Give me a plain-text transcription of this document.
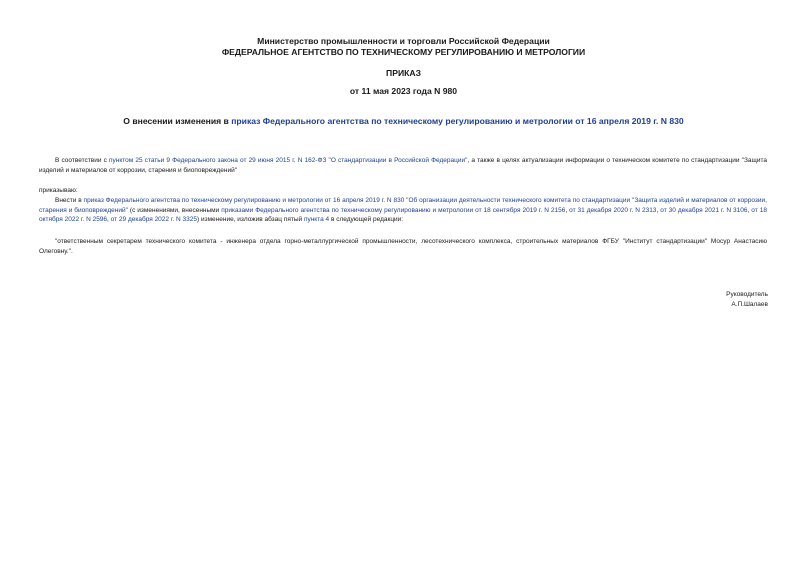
Министерство промышленности и торговли Российской Федерации
ФЕДЕРАЛЬНОЕ АГЕНТСТВО ПО ТЕХНИЧЕСКОМУ РЕГУЛИРОВАНИЮ И МЕТРОЛОГИИ
ПРИКАЗ
от 11 мая 2023 года N 980
О внесении изменения в приказ Федерального агентства по техническому регулированию и метрологии от 16 апреля 2019 г. N 830
В соответствии с пунктом 25 статьи 9 Федерального закона от 29 июня 2015 г. N 162-ФЗ "О стандартизации в Российской Федерации", а также в целях актуализации информации о техническом комитете по стандартизации "Защита изделий и материалов от коррозии, старения и биоповреждений"
приказываю:
Внести в приказ Федерального агентства по техническому регулированию и метрологии от 16 апреля 2019 г. N 830 "Об организации деятельности технического комитета по стандартизации "Защита изделий и материалов от коррозии, старения и биоповреждений" (с изменениями, внесенными приказами Федерального агентства по техническому регулированию и метрологии от 18 сентября 2019 г. N 2156, от 31 декабря 2020 г. N 2313, от 30 декабря 2021 г. N 3106, от 18 октября 2022 г. N 2596, от 29 декабря 2022 г. N 3325) изменение, изложив абзац пятый пункта 4 в следующей редакции:
"ответственным секретарем технического комитета - инженера отдела горно-металлургической промышленности, лесотехнического комплекса, строительных материалов ФГБУ "Институт стандартизации" Мосур Анастасию Олеговну.".
Руководитель
А.П.Шалаев
